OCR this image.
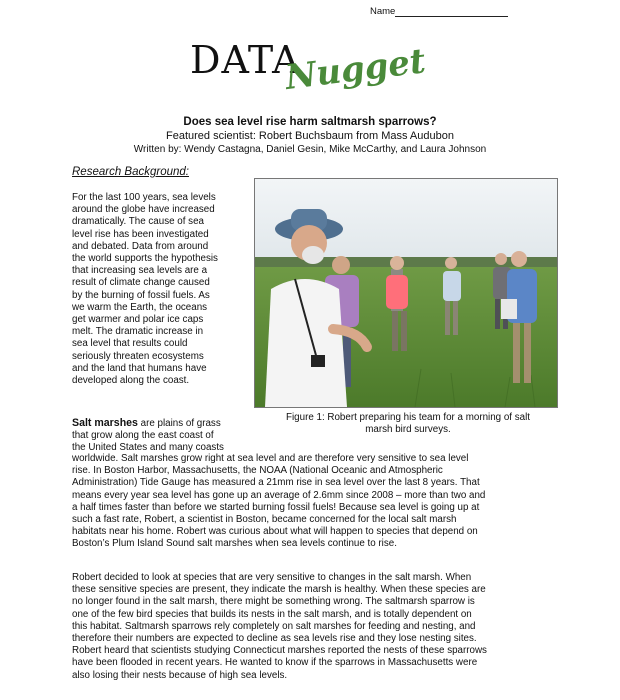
Name
DATA
Nugget
Does sea level rise harm saltmarsh sparrows?
Featured scientist: Robert Buchsbaum from Mass Audubon
Written by: Wendy Castagna, Daniel Gesin, Mike McCarthy, and Laura Johnson
Research Background:
For the last 100 years, sea levels
around the globe have increased
dramatically. The cause of sea
level rise has been investigated
and debated. Data from around
the world supports the hypothesis
that increasing sea levels are a
result of climate change caused
by the burning of fossil fuels. As
we warm the Earth, the oceans
get warmer and polar ice caps
melt. The dramatic increase in
sea level that results could
seriously threaten ecosystems
and the land that humans have
developed along the coast.
Figure 1: Robert preparing his team for a morning of salt
marsh bird surveys.
Salt marshes are plains of grass
that grow along the east coast of
the United States and many coasts
worldwide. Salt marshes grow right at sea level and are therefore very sensitive to sea level
rise. In Boston Harbor, Massachusetts, the NOAA (National Oceanic and Atmospheric
Administration) Tide Gauge has measured a 21mm rise in sea level over the last 8 years. That
means every year sea level has gone up an average of 2.6mm since 2008 – more than two and
a half times faster than before we started burning fossil fuels! Because sea level is going up at
such a fast rate, Robert, a scientist in Boston, became concerned for the local salt marsh
habitats near his home. Robert was curious about what will happen to species that depend on
Boston’s Plum Island Sound salt marshes when sea levels continue to rise.
Robert decided to look at species that are very sensitive to changes in the salt marsh. When
these sensitive species are present, they indicate the marsh is healthy. When these species are
no longer found in the salt marsh, there might be something wrong. The saltmarsh sparrow is
one of the few bird species that builds its nests in the salt marsh, and is totally dependent on
this habitat. Saltmarsh sparrows rely completely on salt marshes for feeding and nesting, and
therefore their numbers are expected to decline as sea levels rise and they lose nesting sites.
Robert heard that scientists studying Connecticut marshes reported the nests of these sparrows
have been flooded in recent years. He wanted to know if the sparrows in Massachusetts were
also losing their nests because of high sea levels.
